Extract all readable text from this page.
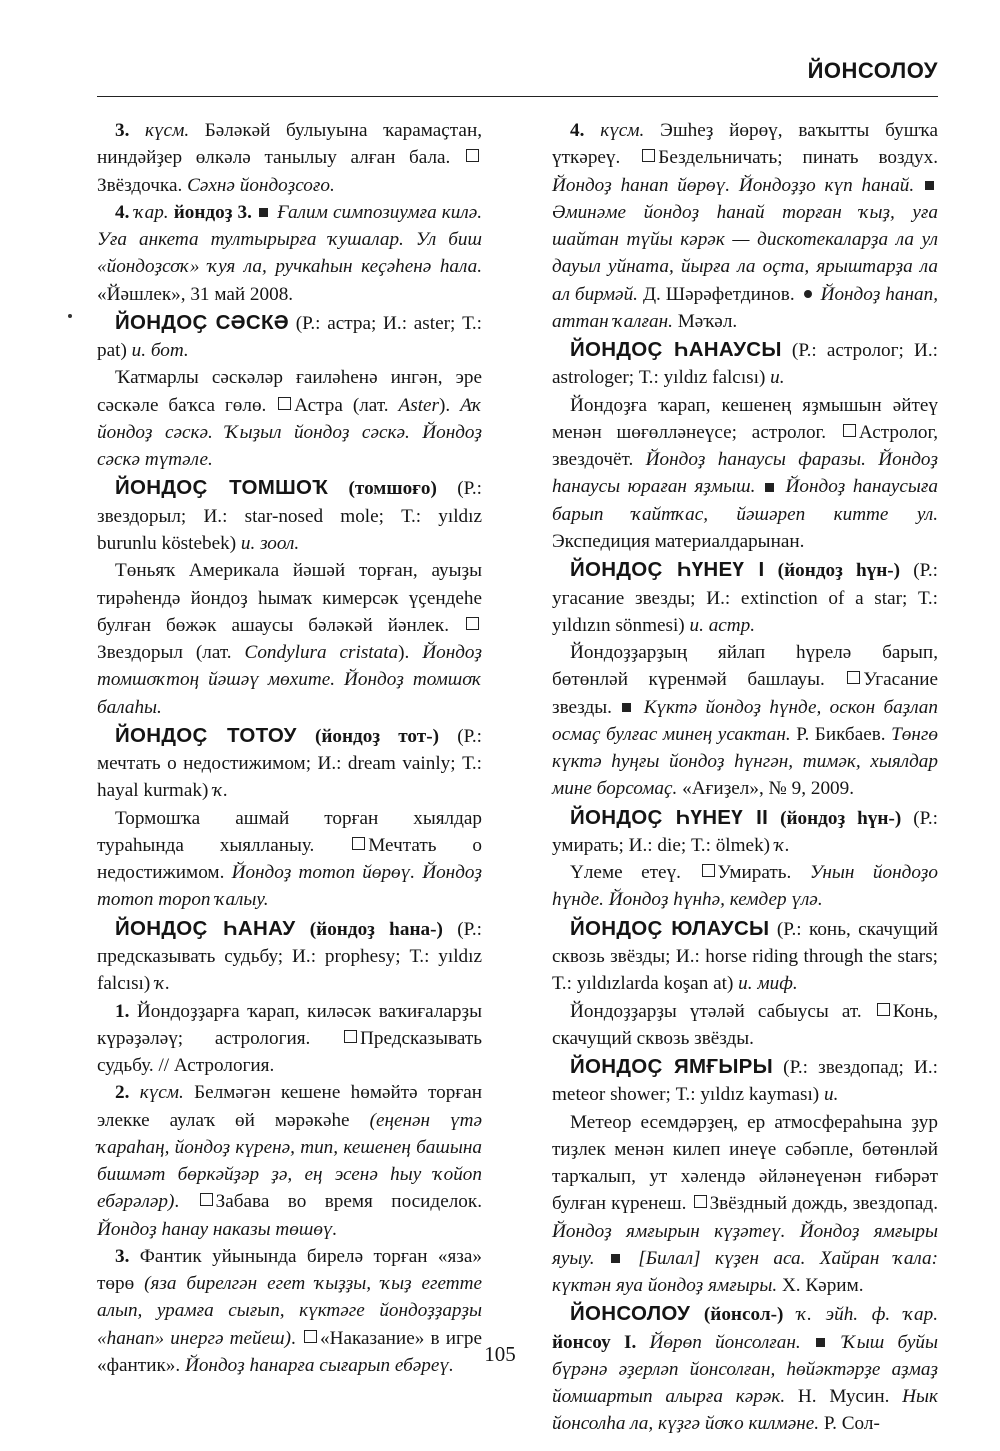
ЙОНСОЛОУ

3. күсм. Бәләкәй булыуына ҡарамаҫтан, ниндәйҙер өлкәлә танылыу алған бала. Звёздочка. Сәхнә йондоҙсоғо.

4. ҡар. йондоҙ 3.  Ғалим симпозиумға килә. Уға анкета тултырырға ҡушалар. Ул биш «йондоҙсоҡ» ҡуя ла, ручкаһын кеҫәһенә һала. «Йәшлек», 31 май 2008.

ЙОНДОҪ СӘСКӘ (Р.: астра; И.: aster; Т.: pat) и. бот.

Ҡатмарлы сәскәләр ғаиләһенә ингән, эре сәскәле баҡса гөлө. Астра (лат. Aster). Аҡ йондоҙ сәскә. Ҡыҙыл йондоҙ сәскә. Йондоҙ сәскә түтәле.

ЙОНДОҪ ТОМШОҠ (томшоғо) (Р.: звездорыл; И.: star-nosed mole; Т.: yıldız burunlu köstebek) и. зоол.

Төньяҡ Америкала йәшәй торған, ауыҙы тирәһендә йондоҙ һымаҡ кимерсәк үҫендеһе булған бөжәк ашаусы бәләкәй йәнлек. Звездорыл (лат. Condylura cristata). Йондоҙ томшоҡтоң йәшәү мөхите. Йондоҙ томшоҡ балаһы.

ЙОНДОҪ ТОТОУ (йондоҙ тот-) (Р.: мечтать о недостижимом; И.: dream vainly; Т.: hayal kurmak) ҡ.

Тормошҡа ашмай торған хыялдар тураһында хыялланыу. Мечтать о недостижимом. Йондоҙ тотоп йөрөү. Йондоҙ тотоп тороп ҡалыу.

ЙОНДОҪ ҺАНАУ (йондоҙ һана-) (Р.: предсказывать судьбу; И.: prophesy; Т.: yıldız falcısı) ҡ.

1. Йондоҙҙарға ҡарап, киләсәк ваҡиғаларҙы күрәҙәләү; астрология. Предсказывать судьбу. // Астрология.

2. күсм. Белмәгән кешене һөмәйтә торған элекке аулаҡ өй мәрәкәһе (еңенән үтә ҡараһаң, йондоҙ күренә, тип, кешенең башына бишмәт бөркәйҙәр ҙә, ең эсенә һыу ҡойоп ебәрәләр). Забава во время посиделок. Йондоҙ һанау наказы төшөү.

3. Фантик уйынында бирелә торған «яза» төрө (яза бирелгән егет ҡыҙҙы, ҡыҙ егетте алып, урамға сығып, күктәге йондоҙҙарҙы «һанап» инергә тейеш). «Наказание» в игре «фантик». Йондоҙ һанарға сығарып ебәреү.

4. күсм. Эшһеҙ йөрөү, ваҡытты бушҡа үткәреү. Бездельничать; пинать воздух. Йондоҙ һанап йөрөү. Йондоҙҙо күп һанай.  Әминәме йондоҙ һанай торған ҡыҙ, уға шайтан түйы кәрәк — дискотекаларҙа ла ул дауыл уйната, йырға ла оҫта, ярыштарҙа ла ал бирмәй. Д. Шәрәфетдинов.  Йондоҙ һанап, аттан ҡалған. Мәҡәл.

ЙОНДОҪ ҺАНАУСЫ (Р.: астролог; И.: astrologer; Т.: yıldız falcısı) и.

Йондоҙға ҡарап, кешенең яҙмышын әйтеү менән шөғөлләнеүсе; астролог. Астролог, звездочёт. Йондоҙ һанаусы фаразы. Йондоҙ һанаусы юраған яҙмыш.  Йондоҙ һанаусыға барып ҡайтҡас, йәшәреп китте ул. Экспедиция материалдарынан.

ЙОНДОҪ ҺҮНЕҮ I (йондоҙ һүн-) (Р.: угасание звезды; И.: extinction of a star; Т.: yıldızın sönmesi) и. астр.

Йондоҙҙарҙың яйлап һүрелә барып, бөтөнләй күренмәй башлауы. Угасание звезды.  Күктә йондоҙ һүнде, оскон баҙлап осмаҫ булғас минең усактан. Р. Бикбаев. Төнгө күктә һуңғы йондоҙ һүнгән, тимәк, хыялдар мине борсомаҫ. «Ағиҙел», № 9, 2009.

ЙОНДОҪ ҺҮНЕҮ II (йондоҙ һүн-) (Р.: умирать; И.: die; Т.: ölmek) ҡ.

Үлеме етеү. Умирать. Унын йондоҙо һүнде. Йондоҙ һүнһә, кемдер үлә.

ЙОНДОҪ ЮЛАУСЫ (Р.: конь, скачущий сквозь звёзды; И.: horse riding through the stars; Т.: yıldızlarda koşan at) и. миф.

Йондоҙҙарҙы үтәләй сабыусы ат. Конь, скачущий сквозь звёзды.

ЙОНДОҪ ЯМҒЫРЫ (Р.: звездопад; И.: meteor shower; Т.: yıldız kayması) и.

Метеор есемдәрҙең, ер атмосфераһына ҙур тиҙлек менән килеп инеүе сәбәпле, бөтөнләй тарҡалып, ут хәлендә әйләнеүенән ғибәрәт булған күренеш. Звёздный дождь, звездопад. Йондоҙ ямғырын күҙәтеү. Йондоҙ ямғыры яуыу.  [Билал] күҙен аса. Хайран ҡала: күктән яуа йондоҙ ямғыры. Х. Кәрим.

ЙОНСОЛОУ (йонсол-) ҡ. эйһ. ф. ҡар. йонсоу I. Йөрөп йонсолған.  Ҡыш буйы бүрәнә әҙерләп йонсолған, һөйәктәрҙе аҙмаҙ йомшартып алырға кәрәк. Н. Мусин. Нык йонсолһа ла, күҙгә йоҡо килмәне. Р. Сол-

105
